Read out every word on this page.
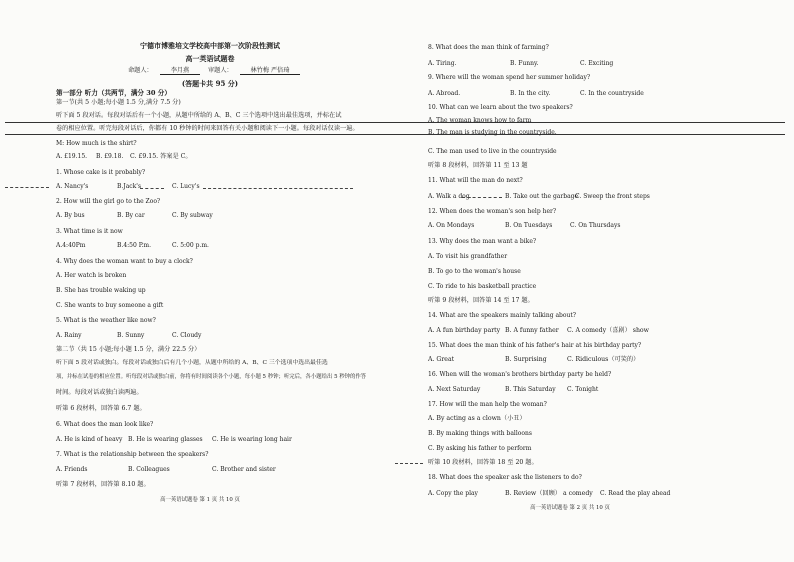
宁德市博雅培文学校高中部第一次阶段性测试
高一英语试题卷
命题人：	李月燕	审题人：	林竹梅 严倍琦
(答题卡共 95 分)
第一部分 听力（共两节，满分 30 分）
第一节(共 5 小题;每小题 1.5 分,满分 7.5 分)
听下面 5 段对话。每段对话后有一个小题，从题中所给的 A、B、C 三个选项中选出最佳选项，并标在试
卷的相应位置。听完每段对话后，你都有 10 秒钟的时间来回答有关小题和阅读下一小题。每段对话仅读一遍。
M: How much is the shirt?
A. £19.15. B. £9.18. C. £9.15. 答案是 C。
1. Whose cake is it probably?
A. Nancy's	B.Jack's	C. Lucy's
2. How will the girl go to the Zoo?
A. By bus	B. By car	C. By subway
3. What time is it now
A.4:40Pm	B.4:50 P.m.	C. 5:00 p.m.
4. Why does the woman want to buy a clock?
A. Her watch is broken
B. She has trouble waking up
C. She wants to buy someone a gift
5. What is the weather like now?
A. Rainy	B. Sunny	C. Cloudy
第二节（共 15 小题;每小题 1.5 分，满分 22.5 分）
听下面 5 段对话或独白。每段对话或独白后有几个小题，从题中所给的 A、B、C 三个选项中选出最佳选
项，并标在试卷的相应位置。听每段对话或独白前，你将有时间阅读各个小题，每小题 5 秒钟；听完后，各小题给出 5 秒钟的作答
时间。每段对话或独白读两遍。
听第 6 段材料，回答第 6.7 题。
6. What does the man look like?
A. He is kind of heavy B. He is wearing glasses C. He is wearing long hair
7. What is the relationship between the speakers?
A. Friends	B. Colleagues	C. Brother and sister
听第 7 段材料，回答第 8.10 题。
高一英语试题卷 第 1 页 共 10 页
8. What does the man think of farming?
A. Tiring.	B. Funny.	C. Exciting
9. Where will the woman spend her summer holiday?
A. Abroad.	B. In the city.	C. In the countryside
10. What can we learn about the two speakers?
A. The woman knows how to farm
B. The man is studying in the countryside.
C. The man used to live in the countryside
听第 8 段材料，回答第 11 至 13 题
11. What will the man do next?
A. Walk a dog.	B. Take out the garbage
C. Sweep the front steps
12. When does the woman's son help her?
A. On Mondays	B. On Tuesdays	C. On Thursdays
13. Why does the man want a bike?
A. To visit his grandfather
B. To go to the woman's house
C. To ride to his basketball practice
听第 9 段材料，回答第 14 至 17 题。
14. What are the speakers mainly talking about?
A. A fun birthday party B. A funny father C. A comedy（喜剧） show
15. What does the man think of his father's hair at his birthday party?
A. Great	B. Surprising	C. Ridiculous（可笑的）
16. When will the woman's brothers birthday party be held?
A. Next Saturday	B. This Saturday C. Tonight
17. How will the man help the woman?
A. By acting as a clown（小丑）
B. By making things with balloons
C. By asking his father to perform
听第 10 段材料，回答第 18 至 20 题。
18. What does the speaker ask the listeners to do?
A. Copy the play	B. Review（回顾） a comedy C. Read the play ahead
高一英语试题卷 第 2 页 共 10 页
